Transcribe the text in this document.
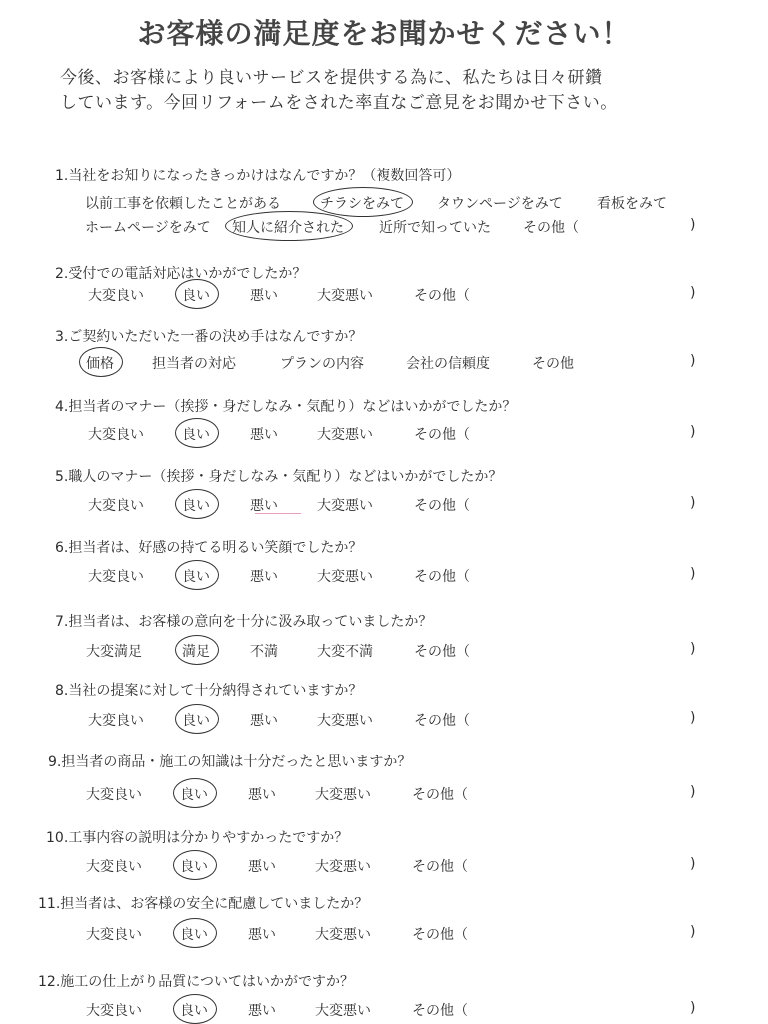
お客様の満足度をお聞かせください！
今後、お客様により良いサービスを提供する為に、私たちは日々研鑽
しています。今回リフォームをされた率直なご意見をお聞かせ下さい。
1.当社をお知りになったきっかけはなんですか？（複数回答可）
以前工事を依頼したことがある	チラシをみて タウンページをみて 看板をみて
ホームページをみて 知人に紹介された	近所で知っていた その他（	)
2.受付での電話対応はいかがでしたか？
大変良い	良い	悪い	大変悪い	その他（	)
3.ご契約いただいた一番の決め手はなんですか？
価格	担当者の対応	プランの内容	会社の信頼度	その他	)
4.担当者のマナー（挨拶・身だしなみ・気配り）などはいかがでしたか？
大変良い	良い	悪い	大変悪い	その他（	)
5.職人のマナー（挨拶・身だしなみ・気配り）などはいかがでしたか？
大変良い	良い	悪い	大変悪い	その他（	)
6.担当者は、好感の持てる明るい笑顔でしたか？
大変良い	良い	悪い	大変悪い	その他（	)
7.担当者は、お客様の意向を十分に汲み取っていましたか？
大変満足	満足	不満	大変不満	その他（	)
8.当社の提案に対して十分納得されていますか？
大変良い	良い	悪い	大変悪い	その他（	)
9.担当者の商品・施工の知識は十分だったと思いますか？
大変良い	良い	悪い	大変悪い	その他（	)
10.工事内容の説明は分かりやすかったですか？
大変良い	良い	悪い	大変悪い	その他（	)
11.担当者は、お客様の安全に配慮していましたか？
大変良い	良い	悪い	大変悪い	その他（	)
12.施工の仕上がり品質についてはいかがですか？
大変良い	良い	悪い	大変悪い	その他（	)
